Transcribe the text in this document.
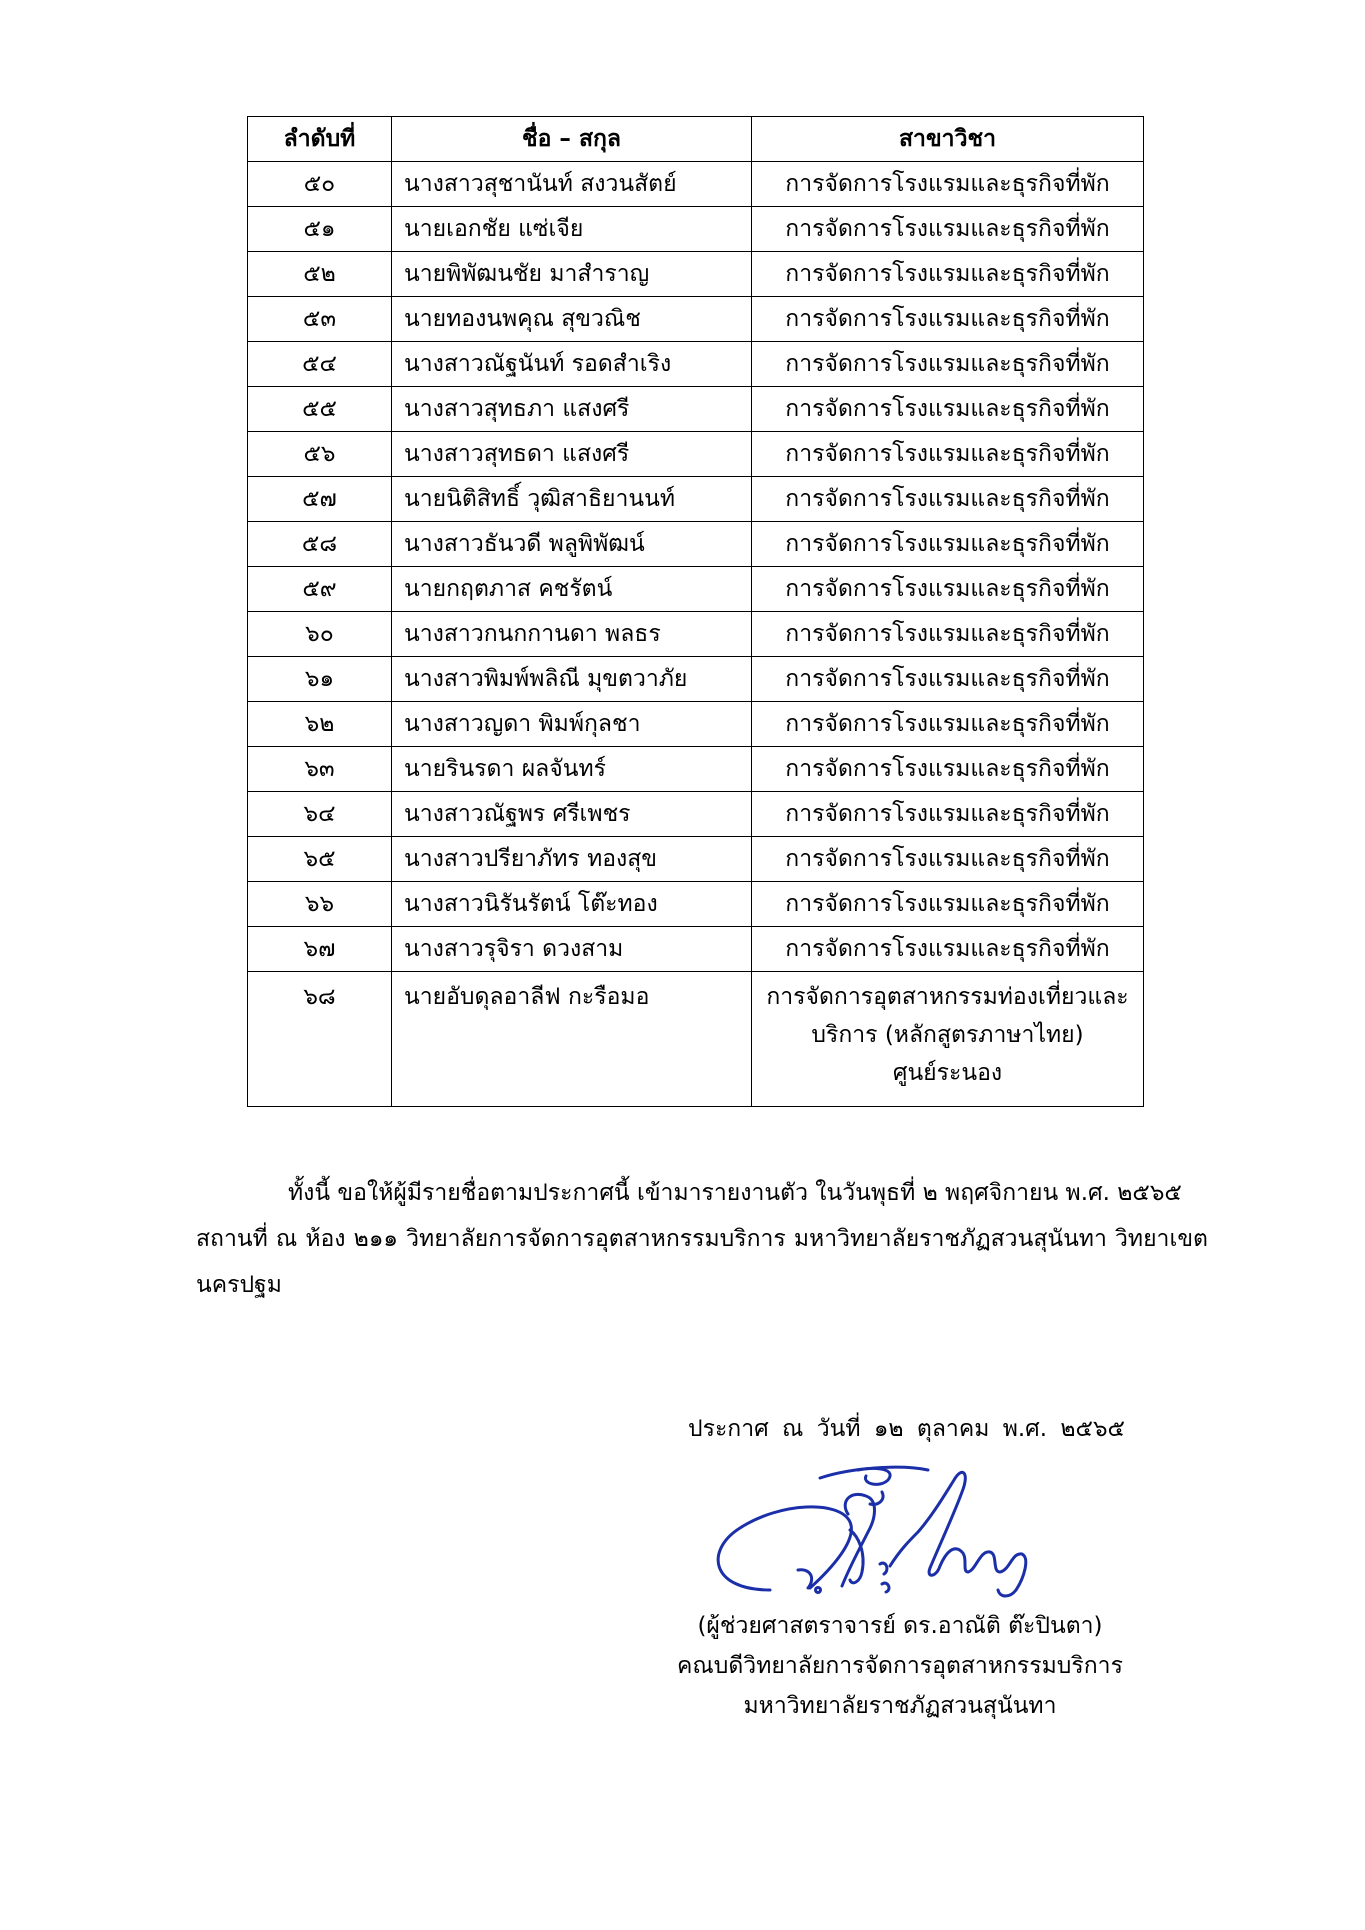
ลำดับที่	ชื่อ – สกุล	สาขาวิชา
๕๐	นางสาวสุชานันท์ สงวนสัตย์	การจัดการโรงแรมและธุรกิจที่พัก
๕๑	นายเอกชัย แซ่เจีย	การจัดการโรงแรมและธุรกิจที่พัก
๕๒	นายพิพัฒนชัย มาสำราญ	การจัดการโรงแรมและธุรกิจที่พัก
๕๓	นายทองนพคุณ สุขวณิช	การจัดการโรงแรมและธุรกิจที่พัก
๕๔	นางสาวณัฐนันท์ รอดสำเริง	การจัดการโรงแรมและธุรกิจที่พัก
๕๕	นางสาวสุทธภา แสงศรี	การจัดการโรงแรมและธุรกิจที่พัก
๕๖	นางสาวสุทธดา แสงศรี	การจัดการโรงแรมและธุรกิจที่พัก
๕๗	นายนิติสิทธิ์ วุฒิสาธิยานนท์	การจัดการโรงแรมและธุรกิจที่พัก
๕๘	นางสาวธันวดี พลูพิพัฒน์	การจัดการโรงแรมและธุรกิจที่พัก
๕๙	นายกฤตภาส คชรัตน์	การจัดการโรงแรมและธุรกิจที่พัก
๖๐	นางสาวกนกกานดา พลธร	การจัดการโรงแรมและธุรกิจที่พัก
๖๑	นางสาวพิมพ์พลิณี มุขตวาภัย	การจัดการโรงแรมและธุรกิจที่พัก
๖๒	นางสาวญดา พิมพ์กุลชา	การจัดการโรงแรมและธุรกิจที่พัก
๖๓	นายรินรดา ผลจันทร์	การจัดการโรงแรมและธุรกิจที่พัก
๖๔	นางสาวณัฐพร ศรีเพชร	การจัดการโรงแรมและธุรกิจที่พัก
๖๕	นางสาวปรียาภัทร ทองสุข	การจัดการโรงแรมและธุรกิจที่พัก
๖๖	นางสาวนิรันรัตน์ โต๊ะทอง	การจัดการโรงแรมและธุรกิจที่พัก
๖๗	นางสาวรุจิรา ดวงสาม	การจัดการโรงแรมและธุรกิจที่พัก
๖๘	นายอับดุลอาลีฟ กะรือมอ	การจัดการอุตสาหกรรมท่องเที่ยวและ
บริการ (หลักสูตรภาษาไทย)
ศูนย์ระนอง
ทั้งนี้ ขอให้ผู้มีรายชื่อตามประกาศนี้ เข้ามารายงานตัว ในวันพุธที่ ๒ พฤศจิกายน พ.ศ. ๒๕๖๕
สถานที่ ณ ห้อง ๒๑๑ วิทยาลัยการจัดการอุตสาหกรรมบริการ มหาวิทยาลัยราชภัฏสวนสุนันทา วิทยาเขต
นครปฐม
ประกาศ ณ วันที่ ๑๒ ตุลาคม พ.ศ. ๒๕๖๕
(ผู้ช่วยศาสตราจารย์ ดร.อาณัติ ต๊ะปินตา)
คณบดีวิทยาลัยการจัดการอุตสาหกรรมบริการ
มหาวิทยาลัยราชภัฏสวนสุนันทา
